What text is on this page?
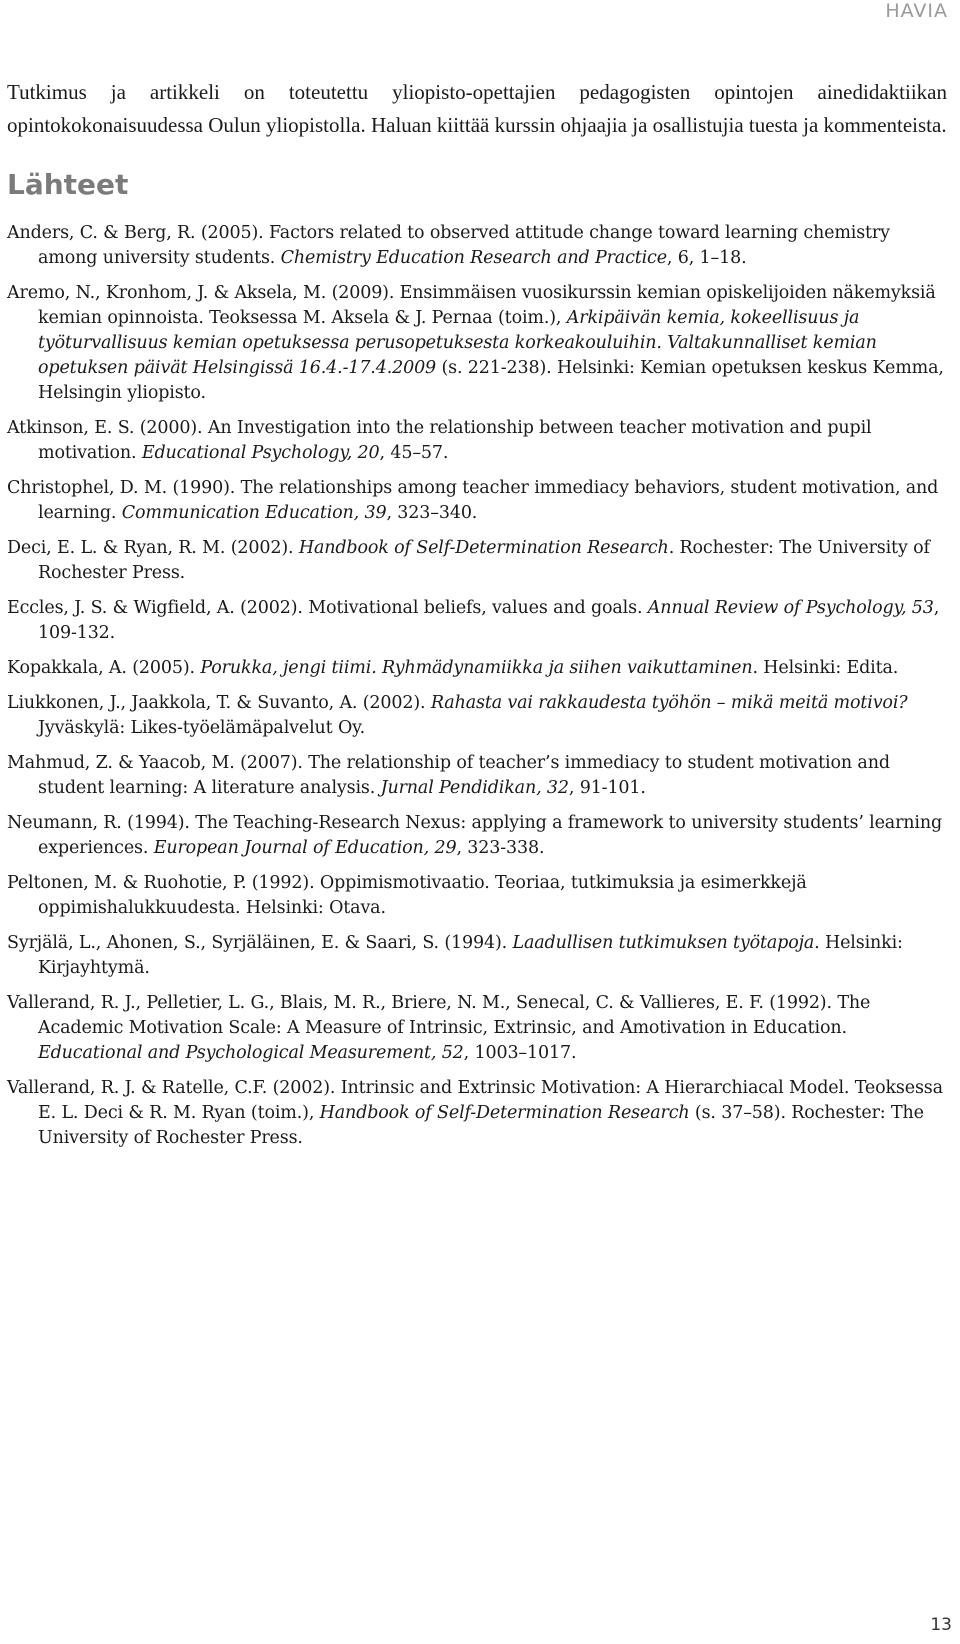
HAVIA

Tutkimus ja artikkeli on toteutettu yliopisto-opettajien pedagogisten opintojen ainedidaktiikan opintokokonaisuudessa Oulun yliopistolla. Haluan kiittää kurssin ohjaajia ja osallistujia tuesta ja kommenteista.

Lähteet
Anders, C. & Berg, R. (2005). Factors related to observed attitude change toward learning chemistry among university students. Chemistry Education Research and Practice, 6, 1–18.
Aremo, N., Kronhom, J. & Aksela, M. (2009). Ensimmäisen vuosikurssin kemian opiskelijoiden näkemyksiä kemian opinnoista. Teoksessa M. Aksela & J. Pernaa (toim.), Arkipäivän kemia, kokeellisuus ja työturvallisuus kemian opetuksessa perusopetuksesta korkeakouluihin. Valtakunnalliset kemian opetuksen päivät Helsingissä 16.4.-17.4.2009 (s. 221-238). Helsinki: Kemian opetuksen keskus Kemma, Helsingin yliopisto.
Atkinson, E. S. (2000). An Investigation into the relationship between teacher motivation and pupil motivation. Educational Psychology, 20, 45–57.
Christophel, D. M. (1990). The relationships among teacher immediacy behaviors, student motivation, and learning. Communication Education, 39, 323–340.
Deci, E. L. & Ryan, R. M. (2002). Handbook of Self-Determination Research. Rochester: The University of Rochester Press.
Eccles, J. S. & Wigfield, A. (2002). Motivational beliefs, values and goals. Annual Review of Psychology, 53, 109-132.
Kopakkala, A. (2005). Porukka, jengi tiimi. Ryhmädynamiikka ja siihen vaikuttaminen. Helsinki: Edita.
Liukkonen, J., Jaakkola, T. & Suvanto, A. (2002). Rahasta vai rakkaudesta työhön – mikä meitä motivoi? Jyväskylä: Likes-työelämäpalvelut Oy.
Mahmud, Z. & Yaacob, M. (2007). The relationship of teacher’s immediacy to student motivation and student learning: A literature analysis. Jurnal Pendidikan, 32, 91-101.
Neumann, R. (1994). The Teaching-Research Nexus: applying a framework to university students’ learning experiences. European Journal of Education, 29, 323-338.
Peltonen, M. & Ruohotie, P. (1992). Oppimismotivaatio. Teoriaa, tutkimuksia ja esimerkkejä oppimishalukkuudesta. Helsinki: Otava.
Syrjälä, L., Ahonen, S., Syrjäläinen, E. & Saari, S. (1994). Laadullisen tutkimuksen työtapoja. Helsinki: Kirjayhtymä.
Vallerand, R. J., Pelletier, L. G., Blais, M. R., Briere, N. M., Senecal, C. & Vallieres, E. F. (1992). The Academic Motivation Scale: A Measure of Intrinsic, Extrinsic, and Amotivation in Education. Educational and Psychological Measurement, 52, 1003–1017.
Vallerand, R. J. & Ratelle, C.F. (2002). Intrinsic and Extrinsic Motivation: A Hierarchiacal Model. Teoksessa E. L. Deci & R. M. Ryan (toim.), Handbook of Self-Determination Research (s. 37–58). Rochester: The University of Rochester Press.
13
